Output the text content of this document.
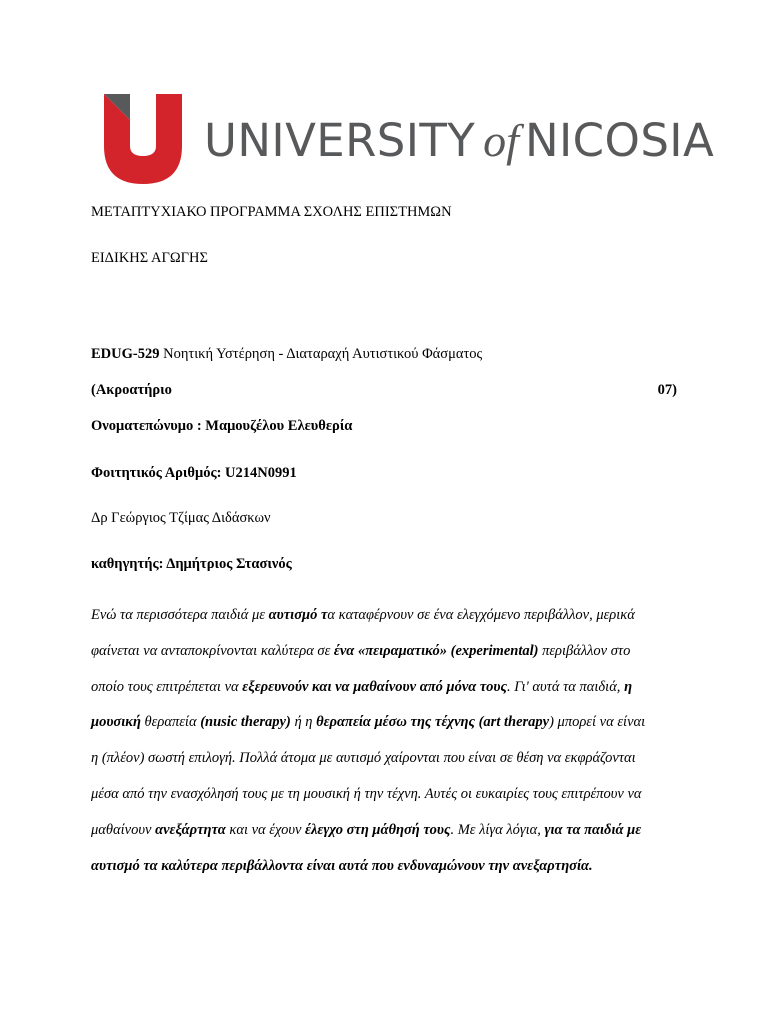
UNIVERSITY of NICOSIA
ΜΕΤΑΠΤΥΧΙΑΚΟ ΠΡΟΓΡΑΜΜΑ ΣΧΟΛΗΣ ΕΠΙΣΤΗΜΩΝ
ΕΙΔΙΚΗΣ ΑΓΩΓΗΣ
EDUG-529 Νοητική Υστέρηση - Διαταραχή Αυτιστικού Φάσματος
(Ακροατήριο	07)
Ονοματεπώνυμο : Μαμουζέλου Ελευθερία
Φοιτητικός Αριθμός: U214N0991
Δρ Γεώργιος Τζίμας Διδάσκων
καθηγητής: Δημήτριος Στασινός
Ενώ τα περισσότερα παιδιά με αυτισμό τα καταφέρνουν σε ένα ελεγχόμενο περιβάλλον, μερικά
φαίνεται να ανταποκρίνονται καλύτερα σε ένα «πειραματικό» (experimental) περιβάλλον στο
οποίο τους επιτρέπεται να εξερευνούν και να μαθαίνουν από μόνα τους. Γι' αυτά τα παιδιά, η
μουσική θεραπεία (nusic therapy) ή η θεραπεία μέσω της τέχνης (art therapy) μπορεί να είναι
η (πλέον) σωστή επιλογή. Πολλά άτομα με αυτισμό χαίρονται που είναι σε θέση να εκφράζονται
μέσα από την ενασχόλησή τους με τη μουσική ή την τέχνη. Αυτές οι ευκαιρίες τους επιτρέπουν να
μαθαίνουν ανεξάρτητα και να έχουν έλεγχο στη μάθησή τους. Με λίγα λόγια, για τα παιδιά με
αυτισμό τα καλύτερα περιβάλλοντα είναι αυτά που ενδυναμώνουν την ανεξαρτησία.
